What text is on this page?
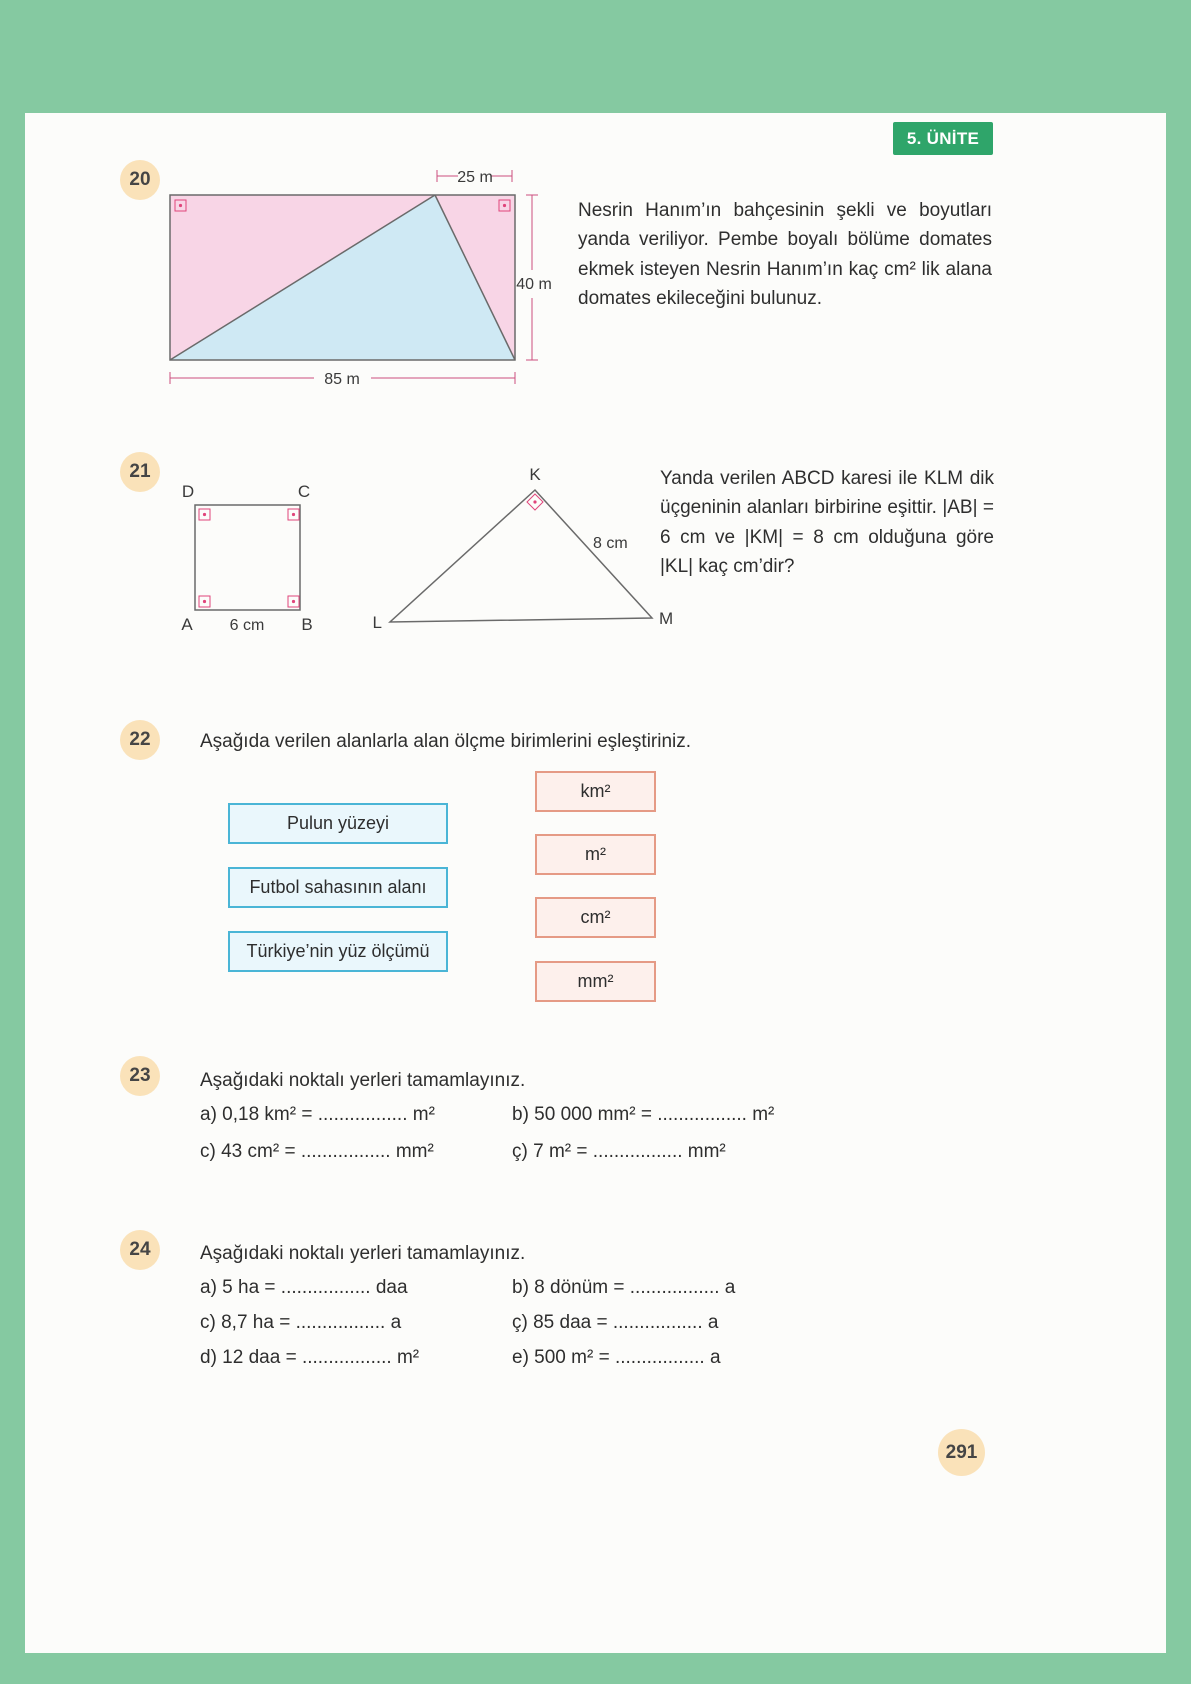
5. ÜNİTE
20	25 m
40 m
85 m
Nesrin Hanım’ın bahçesinin şekli ve boyutları yanda veriliyor. Pembe boyalı bölüme domates ekmek isteyen Nesrin Hanım’ın kaç cm² lik alana domates ekileceğini bulunuz.
21
D	C
A	B
6 cm
K
L	M
8 cm
Yanda verilen ABCD karesi ile KLM dik üçgeninin alanları birbirine eşittir. |AB| = 6 cm ve |KM| = 8 cm olduğuna göre |KL| kaç cm’dir?
22	Aşağıda verilen alanlarla alan ölçme birimlerini eşleştiriniz.
Pulun yüzeyi
Futbol sahasının alanı
Türkiye’nin yüz ölçümü
km²
m²
cm²
mm²
23	Aşağıdaki noktalı yerleri tamamlayınız.
a) 0,18 km² = ................. m²	b) 50 000 mm² = ................. m²
c) 43 cm² = ................. mm²	ç) 7 m² = ................. mm²
24	Aşağıdaki noktalı yerleri tamamlayınız.
a) 5 ha = ................. daa	b) 8 dönüm = ................. a
c) 8,7 ha = ................. a	ç) 85 daa = ................. a
d) 12 daa = ................. m²	e) 500 m² = ................. a
291
